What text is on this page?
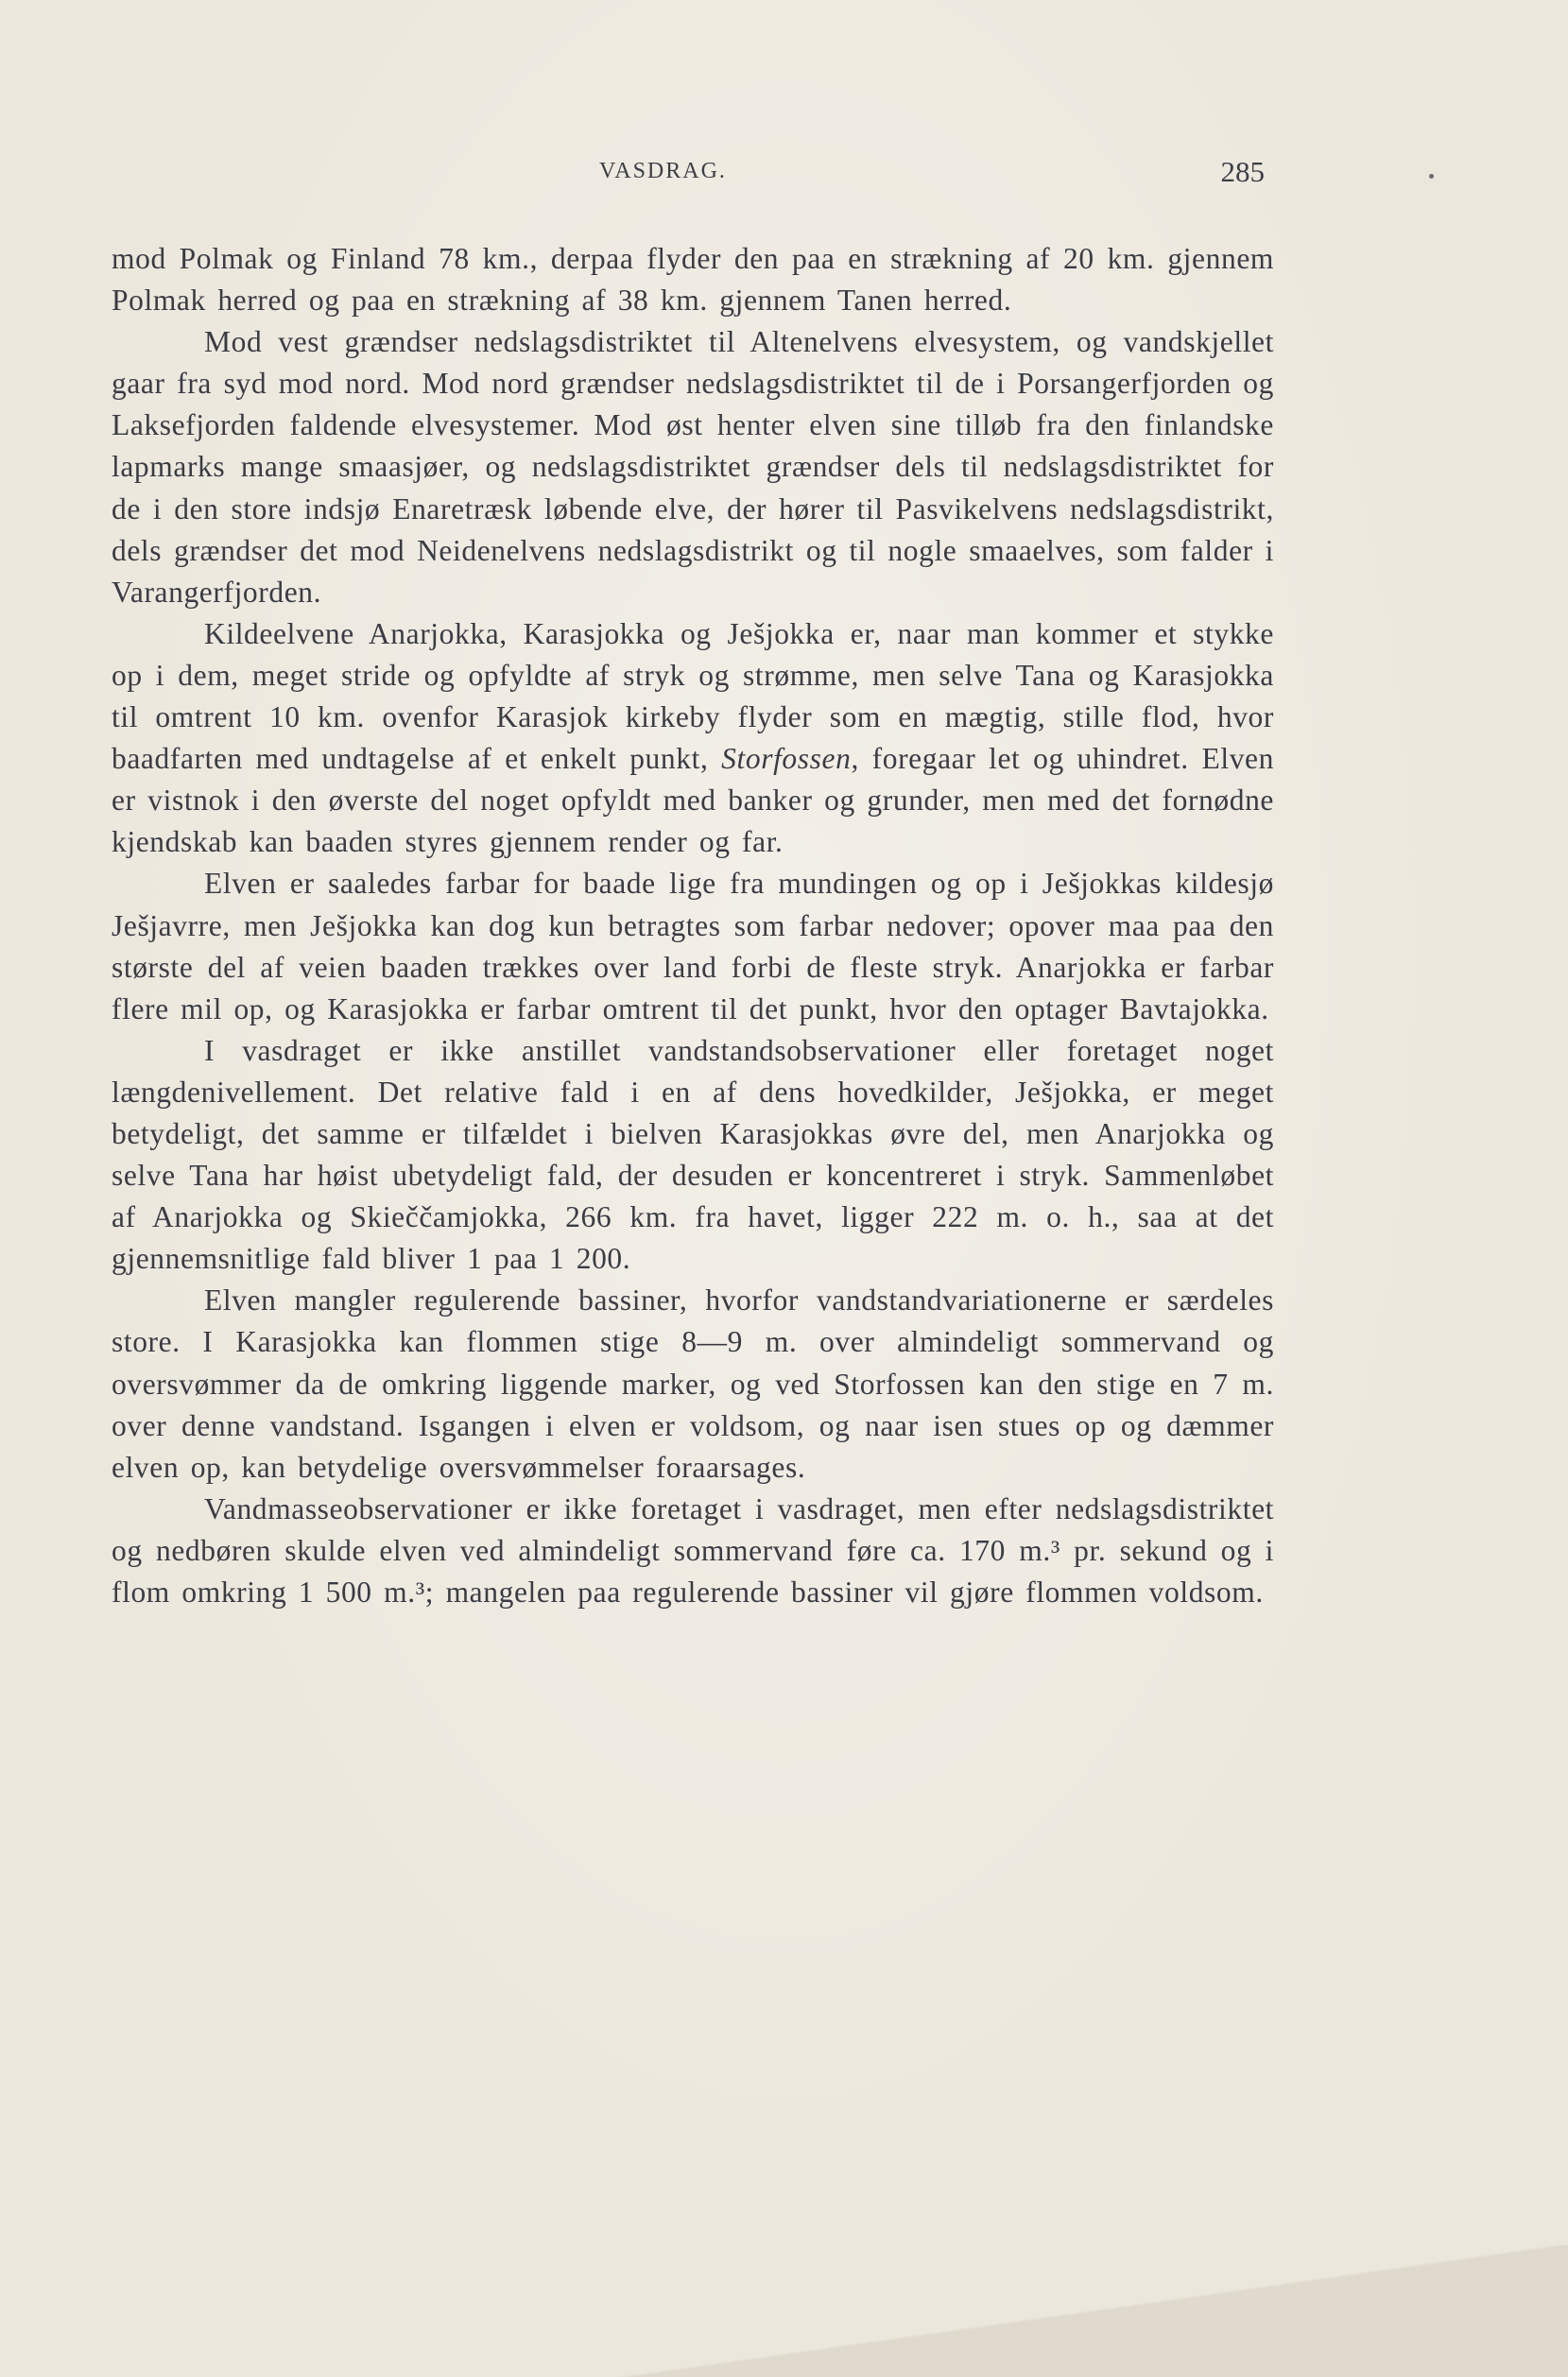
VASDRAG.	285

mod Polmak og Finland 78 km., derpaa flyder den paa en strækning af 20 km. gjennem Polmak herred og paa en strækning af 38 km. gjennem Tanen herred.

Mod vest grændser nedslagsdistriktet til Altenelvens elvesystem, og vandskjellet gaar fra syd mod nord. Mod nord grændser nedslagsdistriktet til de i Porsangerfjorden og Laksefjorden faldende elvesystemer. Mod øst henter elven sine tilløb fra den finlandske lapmarks mange smaasjøer, og nedslagsdistriktet grændser dels til nedslagsdistriktet for de i den store indsjø Enaretræsk løbende elve, der hører til Pasvikelvens nedslagsdistrikt, dels grændser det mod Neidenelvens nedslagsdistrikt og til nogle smaaelves, som falder i Varangerfjorden.

Kildeelvene Anarjokka, Karasjokka og Ješjokka er, naar man kommer et stykke op i dem, meget stride og opfyldte af stryk og strømme, men selve Tana og Karasjokka til omtrent 10 km. ovenfor Karasjok kirkeby flyder som en mægtig, stille flod, hvor baadfarten med undtagelse af et enkelt punkt, Storfossen, foregaar let og uhindret. Elven er vistnok i den øverste del noget opfyldt med banker og grunder, men med det fornødne kjendskab kan baaden styres gjennem render og far.

Elven er saaledes farbar for baade lige fra mundingen og op i Ješjokkas kildesjø Ješjavrre, men Ješjokka kan dog kun betragtes som farbar nedover; opover maa paa den største del af veien baaden trækkes over land forbi de fleste stryk. Anarjokka er farbar flere mil op, og Karasjokka er farbar omtrent til det punkt, hvor den optager Bavtajokka.

I vasdraget er ikke anstillet vandstandsobservationer eller foretaget noget længdenivellement. Det relative fald i en af dens hovedkilder, Ješjokka, er meget betydeligt, det samme er tilfældet i bielven Karasjokkas øvre del, men Anarjokka og selve Tana har høist ubetydeligt fald, der desuden er koncentreret i stryk. Sammenløbet af Anarjokka og Skieččamjokka, 266 km. fra havet, ligger 222 m. o. h., saa at det gjennemsnitlige fald bliver 1 paa 1 200.

Elven mangler regulerende bassiner, hvorfor vandstandvariationerne er særdeles store. I Karasjokka kan flommen stige 8—9 m. over almindeligt sommervand og oversvømmer da de omkring liggende marker, og ved Storfossen kan den stige en 7 m. over denne vandstand. Isgangen i elven er voldsom, og naar isen stues op og dæmmer elven op, kan betydelige oversvømmelser foraarsages.

Vandmasseobservationer er ikke foretaget i vasdraget, men efter nedslagsdistriktet og nedbøren skulde elven ved almindeligt sommervand føre ca. 170 m.³ pr. sekund og i flom omkring 1 500 m.³; mangelen paa regulerende bassiner vil gjøre flommen voldsom.
